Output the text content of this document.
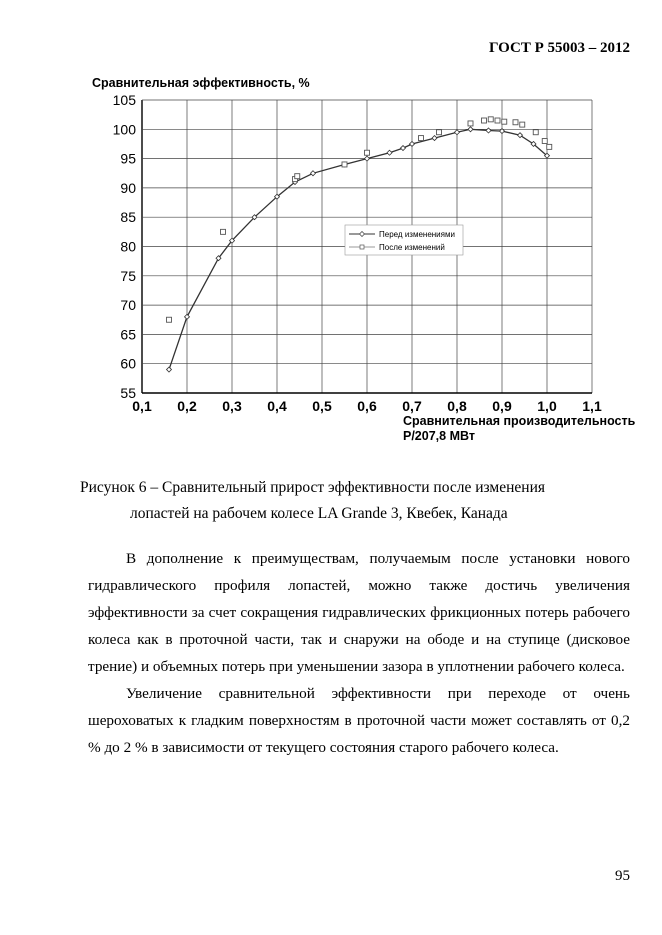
ГОСТ Р 55003 – 2012
Сравнительная эффективность, %
0,1 0,2 0,3 0,4 0,5 0,6 0,7 0,8 0,9 1,0 1,1
55
60
65
70
75
80
85
90
95
100
105
Перед изменениями
После изменений
Сравнительная производительность
P/207,8 МВт
Рисунок 6 – Сравнительный прирост эффективности после изменения
лопастей на рабочем колесе LA Grande 3, Квебек, Канада

В дополнение к преимуществам, получаемым после установки нового гидравлического профиля лопастей, можно также достичь увеличения эффективности за счет сокращения гидравлических фрикционных потерь рабочего колеса как в проточной части, так и снаружи на ободе и на ступице (дисковое трение) и объемных потерь при уменьшении зазора в уплотнении рабочего колеса.

Увеличение сравнительной эффективности при переходе от очень шероховатых к гладким поверхностям в проточной части может составлять от 0,2 % до 2 % в зависимости от текущего состояния старого рабочего колеса.

95
